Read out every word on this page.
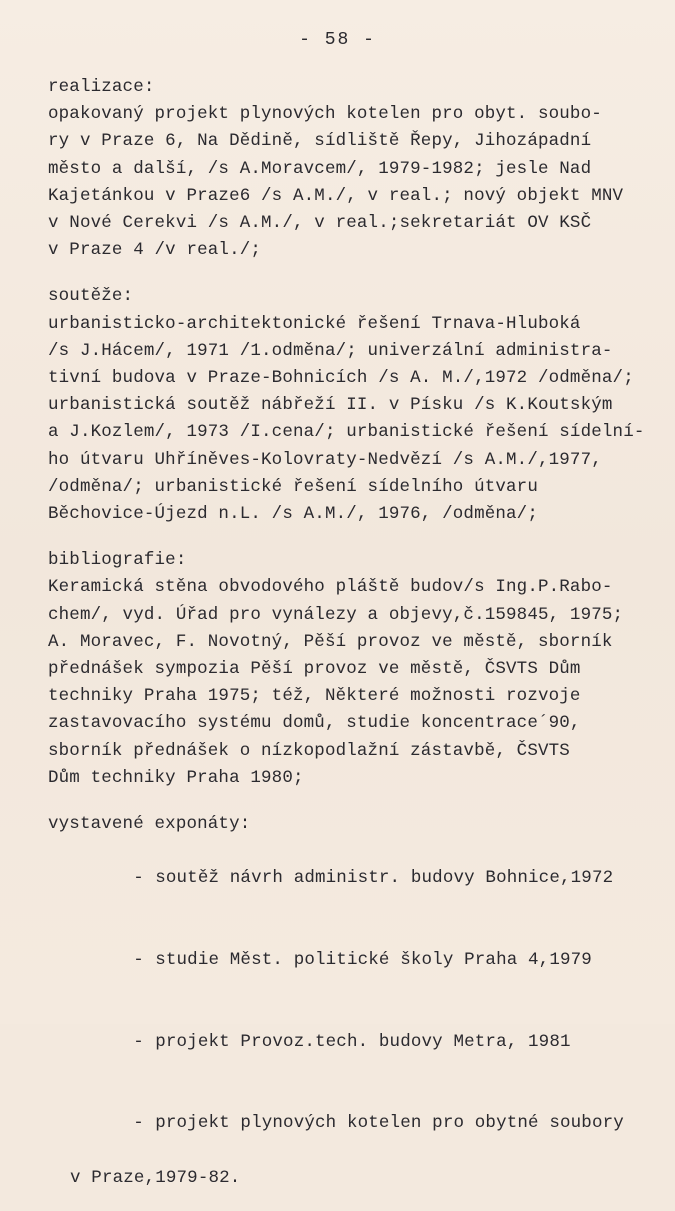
- 58 -
realizace:
opakovaný projekt plynových kotelen pro obyt. soubo-
ry v Praze 6, Na Dědině, sídliště Řepy, Jihozápadní
město a další, /s A.Moravcem/, 1979-1982; jesle Nad
Kajetánkou v Praze6 /s A.M./, v real.; nový objekt MNV
v Nové Cerekvi /s A.M./, v real.;sekretariát OV KSČ
v Praze 4 /v real./;
soutěže:
urbanisticko-architektonické řešení Trnava-Hluboká
/s J.Hácem/, 1971 /1.odměna/; univerzální administra-
tivní budova v Praze-Bohnicích /s A. M./,1972 /odměna/;
urbanistická soutěž nábřeží II. v Písku /s K.Koutským
a J.Kozlem/, 1973 /I.cena/; urbanistické řešení sídelní-
ho útvaru Uhříněves-Kolovraty-Nedvězí /s A.M./,1977,
/odměna/; urbanistické řešení sídelního útvaru
Běchovice-Újezd n.L. /s A.M./, 1976, /odměna/;
bibliografie:
Keramická stěna obvodového pláště budov/s Ing.P.Rabo-
chem/, vyd. Úřad pro vynálezy a objevy,č.159845, 1975;
A. Moravec, F. Novotný, Pěší provoz ve městě, sborník
přednášek sympozia Pěší provoz ve městě, ČSVTS Dům
techniky Praha 1975; též, Některé možnosti rozvoje
zastavovacího systému domů, studie koncentrace´90,
sborník přednášek o nízkopodlažní zástavbě, ČSVTS
Dům techniky Praha 1980;
vystavené exponáty:

- soutěž návrh administr. budovy Bohnice,1972

- studie Měst. politické školy Praha 4,1979

- projekt Provoz.tech. budovy Metra, 1981

- projekt plynových kotelen pro obytné soubory

v Praze,1979-82.
